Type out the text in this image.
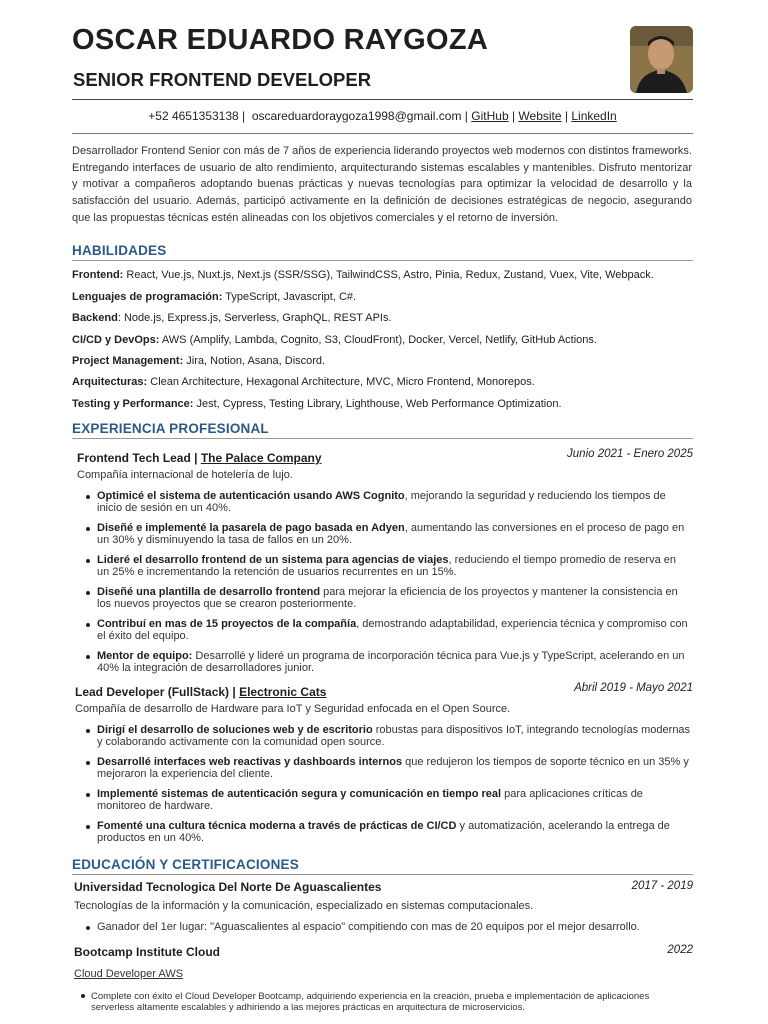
OSCAR EDUARDO RAYGOZA
SENIOR FRONTEND DEVELOPER
+52 4651353138 |  oscareduardoraygoza1998@gmail.com | GitHub | Website | LinkedIn

Desarrollador Frontend Senior con más de 7 años de experiencia liderando proyectos web modernos con distintos frameworks. Entregando interfaces de usuario de alto rendimiento, arquitecturando sistemas escalables y mantenibles. Disfruto mentorizar y motivar a compañeros adoptando buenas prácticas y nuevas tecnologías para optimizar la velocidad de desarrollo y la satisfacción del usuario. Además, participó activamente en la definición de decisiones estratégicas de negocio, asegurando que las propuestas técnicas estén alineadas con los objetivos comerciales y el retorno de inversión.

HABILIDADES
Frontend: React, Vue.js, Nuxt.js, Next.js (SSR/SSG), TailwindCSS, Astro, Pinia, Redux, Zustand, Vuex, Vite, Webpack.
Lenguajes de programación: TypeScript, Javascript, C#.
Backend: Node.js, Express.js, Serverless, GraphQL, REST APIs.
CI/CD y DevOps: AWS (Amplify, Lambda, Cognito, S3, CloudFront), Docker, Vercel, Netlify, GitHub Actions.
Project Management: Jira, Notion, Asana, Discord.
Arquitecturas: Clean Architecture, Hexagonal Architecture, MVC, Micro Frontend, Monorepos.
Testing y Performance: Jest, Cypress, Testing Library, Lighthouse, Web Performance Optimization.
EXPERIENCIA PROFESIONAL
Frontend Tech Lead | The Palace Company	Junio 2021 - Enero 2025
Compañía internacional de hotelería de lujo.
Optimicé el sistema de autenticación usando AWS Cognito, mejorando la seguridad y reduciendo los tiempos de inicio de sesión en un 40%.
Diseñé e implementé la pasarela de pago basada en Adyen, aumentando las conversiones en el proceso de pago en un 30% y disminuyendo la tasa de fallos en un 20%.
Lideré el desarrollo frontend de un sistema para agencias de viajes, reduciendo el tiempo promedio de reserva en un 25% e incrementando la retención de usuarios recurrentes en un 15%.
Diseñé una plantilla de desarrollo frontend para mejorar la eficiencia de los proyectos y mantener la consistencia en los nuevos proyectos que se crearon posteriormente.
Contribuí en mas de 15 proyectos de la compañía, demostrando adaptabilidad, experiencia técnica y compromiso con el éxito del equipo.
Mentor de equipo: Desarrollé y lideré un programa de incorporación técnica para Vue.js y TypeScript, acelerando en un 40% la integración de desarrolladores junior.
Lead Developer (FullStack) | Electronic Cats	Abril 2019 - Mayo 2021
Compañía de desarrollo de Hardware para IoT y Seguridad enfocada en el Open Source.
Dirigí el desarrollo de soluciones web y de escritorio robustas para dispositivos IoT, integrando tecnologías modernas y colaborando activamente con la comunidad open source.
Desarrollé interfaces web reactivas y dashboards internos que redujeron los tiempos de soporte técnico en un 35% y mejoraron la experiencia del cliente.
Implementé sistemas de autenticación segura y comunicación en tiempo real para aplicaciones críticas de monitoreo de hardware.
Fomenté una cultura técnica moderna a través de prácticas de CI/CD y automatización, acelerando la entrega de productos en un 40%.
EDUCACIÓN Y CERTIFICACIONES
Universidad Tecnologica Del Norte De Aguascalientes	2017 - 2019
Tecnologías de la información y la comunicación, especializado en sistemas computacionales.
Ganador del 1er lugar: "Aguascalientes al espacio" compitiendo con mas de 20 equipos por el mejor desarrollo.
Bootcamp Institute Cloud	2022
Cloud Developer AWS
Complete con éxito el Cloud Developer Bootcamp, adquiriendo experiencia en la creación, prueba e implementación de aplicaciones serverless altamente escalables y adhiriendo a las mejores prácticas en arquitectura de microservicios.
